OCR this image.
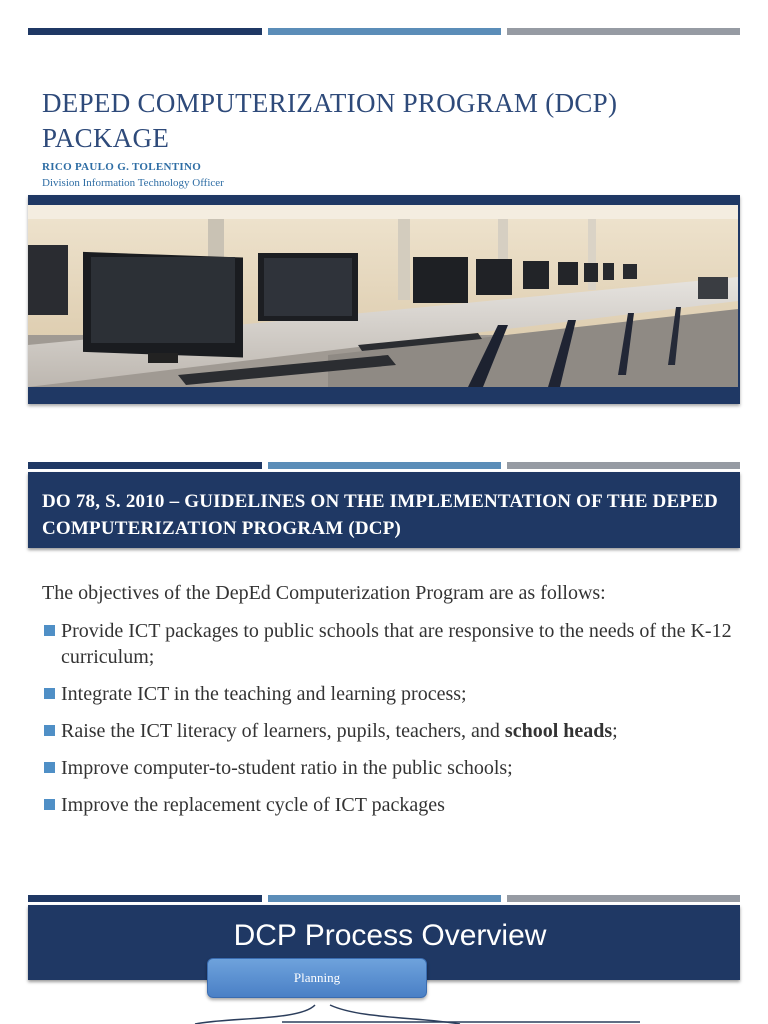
DEPED COMPUTERIZATION PROGRAM (DCP) PACKAGE
RICO PAULO G. TOLENTINO
Division Information Technology Officer
DO 78, S. 2010 – GUIDELINES ON THE IMPLEMENTATION OF THE DEPED COMPUTERIZATION PROGRAM (DCP)
The objectives of the DepEd Computerization Program are as follows:
Provide ICT packages to public schools that are responsive to the needs of the K-12 curriculum;
Integrate ICT in the teaching and learning process;
Raise the ICT literacy of learners, pupils, teachers, and school heads;
Improve computer-to-student ratio in the public schools;
Improve the replacement cycle of ICT packages
DCP Process Overview
Planning
